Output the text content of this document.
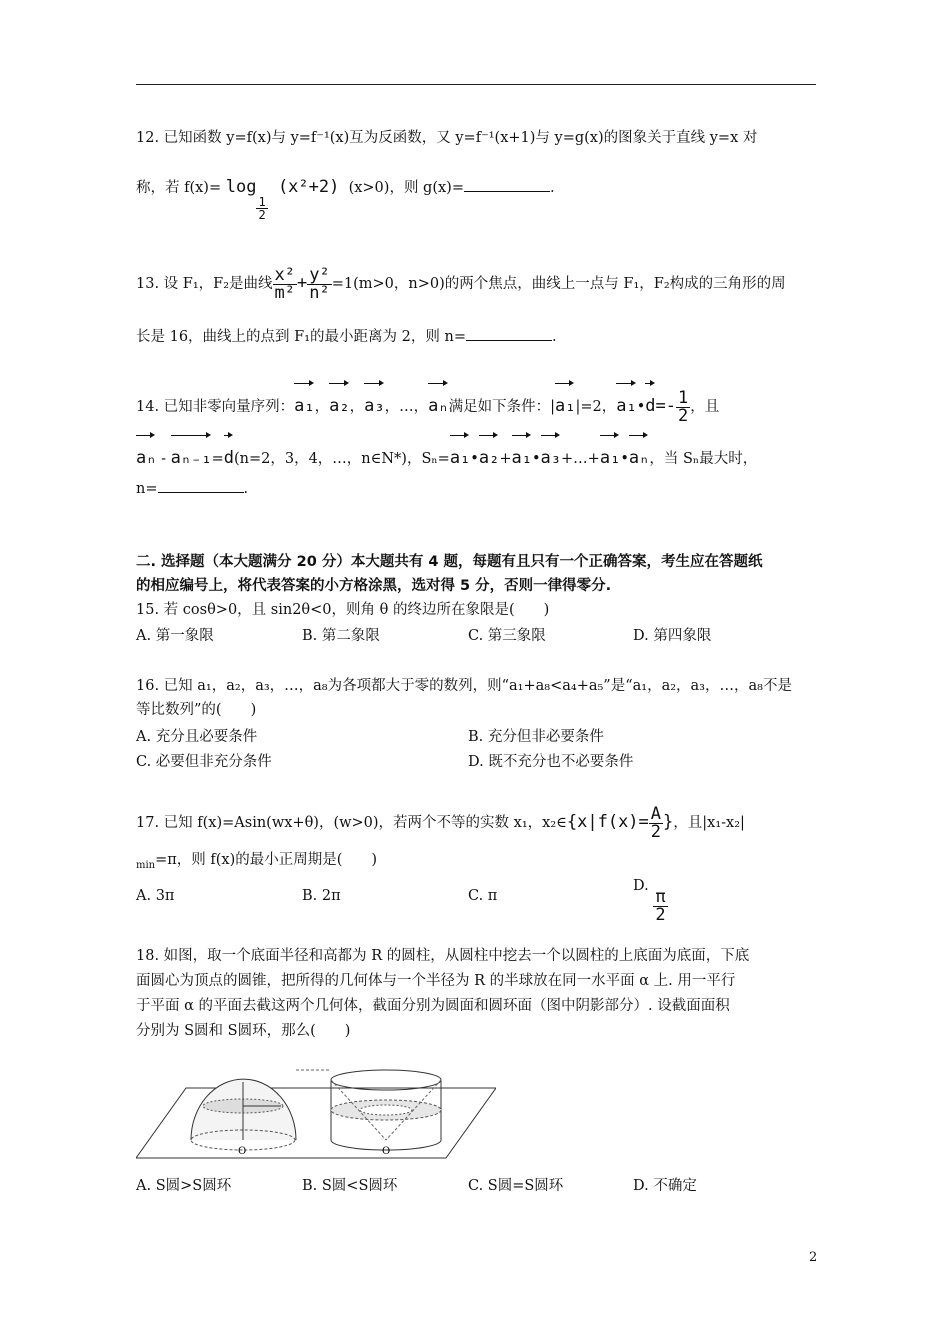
12. 已知函数 y=f(x)与 y=f⁻¹(x)互为反函数，又 y=f⁻¹(x+1)与 y=g(x)的图象关于直线 y=x 对
称，若 f(x)= log
$\frac{1}{2}$
(x²+2) (x>0)，则 g(x)=	.
13. 设 F₁，F₂是曲线 $\frac{\text{x²}}{\text{m²}} + \frac{\text{y²}}{\text{n²}} =1(m>0$，n>0)的两个焦点，曲线上一点与 F₁，F₂构成的三角形的周
长是 16，曲线上的点到 F₁的最小距离为 2，则 n=	.
14. 已知非零向量序列：a₁，a₂，a₃，…，aₙ满足如下条件：|a₁|=2，a₁•d=- $\frac{1}{2}$ ，且
aₙ - aₙ₋₁=d(n=2，3，4，…，n∈N*)，Sₙ=a₁•a₂+a₁•a₃+…+a₁•aₙ，当 Sₙ最大时，
n=	.
二. 选择题（本大题满分 20 分）本大题共有 4 题，每题有且只有一个正确答案，考生应在答题纸
的相应编号上，将代表答案的小方格涂黑，选对得 5 分，否则一律得零分.
15. 若 cosθ>0，且 sin2θ<0，则角 θ 的终边所在象限是(　　)
A. 第一象限	B. 第二象限	C. 第三象限	D. 第四象限
16. 已知 a₁，a₂，a₃，…，a₈为各项都大于零的数列，则“a₁+a₈<a₄+a₅”是“a₁，a₂，a₃，…，a₈不是
等比数列”的(　　)
A. 充分且必要条件	B. 充分但非必要条件
C. 必要但非充分条件	D. 既不充分也不必要条件
17. 已知 f(x)=Asin(wx+θ)，(w>0)，若两个不等的实数 x₁，x₂∈{x|f(x)= $\frac{A}{2}$ }，且|x₁-x₂|
$_{min}$=π，则 f(x)的最小正周期是(　　)
A. 3π	B. 2π	C. π
D.
$\frac{\pi}{2}$
18. 如图，取一个底面半径和高都为 R 的圆柱，从圆柱中挖去一个以圆柱的上底面为底面，下底
面圆心为顶点的圆锥，把所得的几何体与一个半径为 R 的半球放在同一水平面 α 上. 用一平行
于平面 α 的平面去截这两个几何体，截面分别为圆面和圆环面（图中阴影部分）. 设截面面积
分别为 S圆和 S圆环，那么(　　)
O	O
A. S圆>S圆环	B. S圆<S圆环	C. S圆=S圆环	D. 不确定
2
